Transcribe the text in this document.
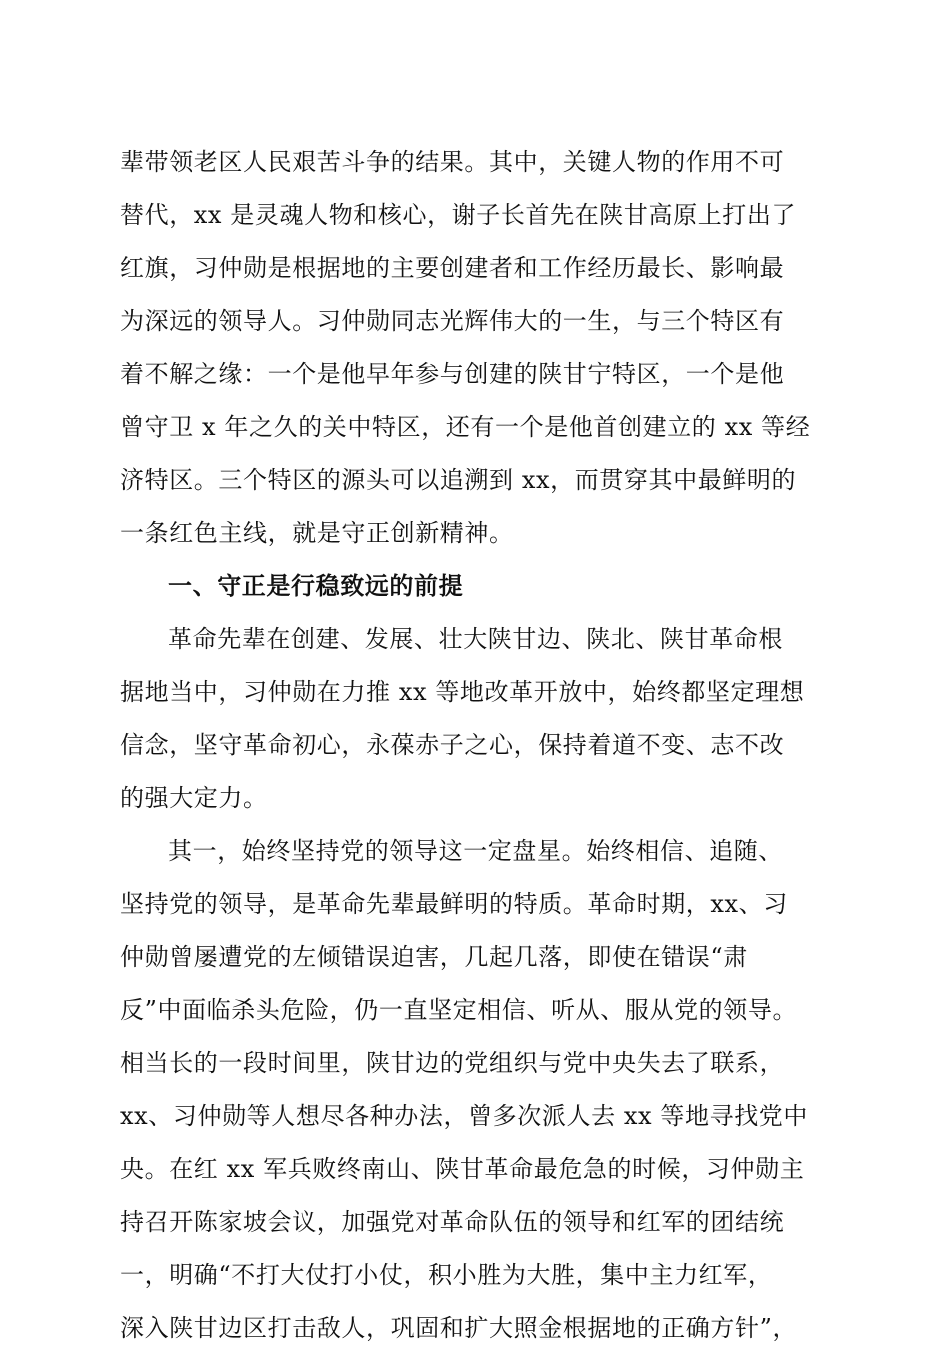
辈带领老区人民艰苦斗争的结果。其中，关键人物的作用不可
替代，xx 是灵魂人物和核心，谢子长首先在陕甘高原上打出了
红旗，习仲勋是根据地的主要创建者和工作经历最长、影响最
为深远的领导人。习仲勋同志光辉伟大的一生，与三个特区有
着不解之缘：一个是他早年参与创建的陕甘宁特区，一个是他
曾守卫 x 年之久的关中特区，还有一个是他首创建立的 xx 等经
济特区。三个特区的源头可以追溯到 xx，而贯穿其中最鲜明的
一条红色主线，就是守正创新精神。
一、守正是行稳致远的前提
革命先辈在创建、发展、壮大陕甘边、陕北、陕甘革命根
据地当中，习仲勋在力推 xx 等地改革开放中，始终都坚定理想
信念，坚守革命初心，永葆赤子之心，保持着道不变、志不改
的强大定力。
其一，始终坚持党的领导这一定盘星。始终相信、追随、
坚持党的领导，是革命先辈最鲜明的特质。革命时期，xx、习
仲勋曾屡遭党的左倾错误迫害，几起几落，即使在错误“肃
反”中面临杀头危险，仍一直坚定相信、听从、服从党的领导。
相当长的一段时间里，陕甘边的党组织与党中央失去了联系，
xx、习仲勋等人想尽各种办法，曾多次派人去 xx 等地寻找党中
央。在红 xx 军兵败终南山、陕甘革命最危急的时候，习仲勋主
持召开陈家坡会议，加强党对革命队伍的领导和红军的团结统
一，明确“不打大仗打小仗，积小胜为大胜，集中主力红军，
深入陕甘边区打击敌人，巩固和扩大照金根据地的正确方针”，
